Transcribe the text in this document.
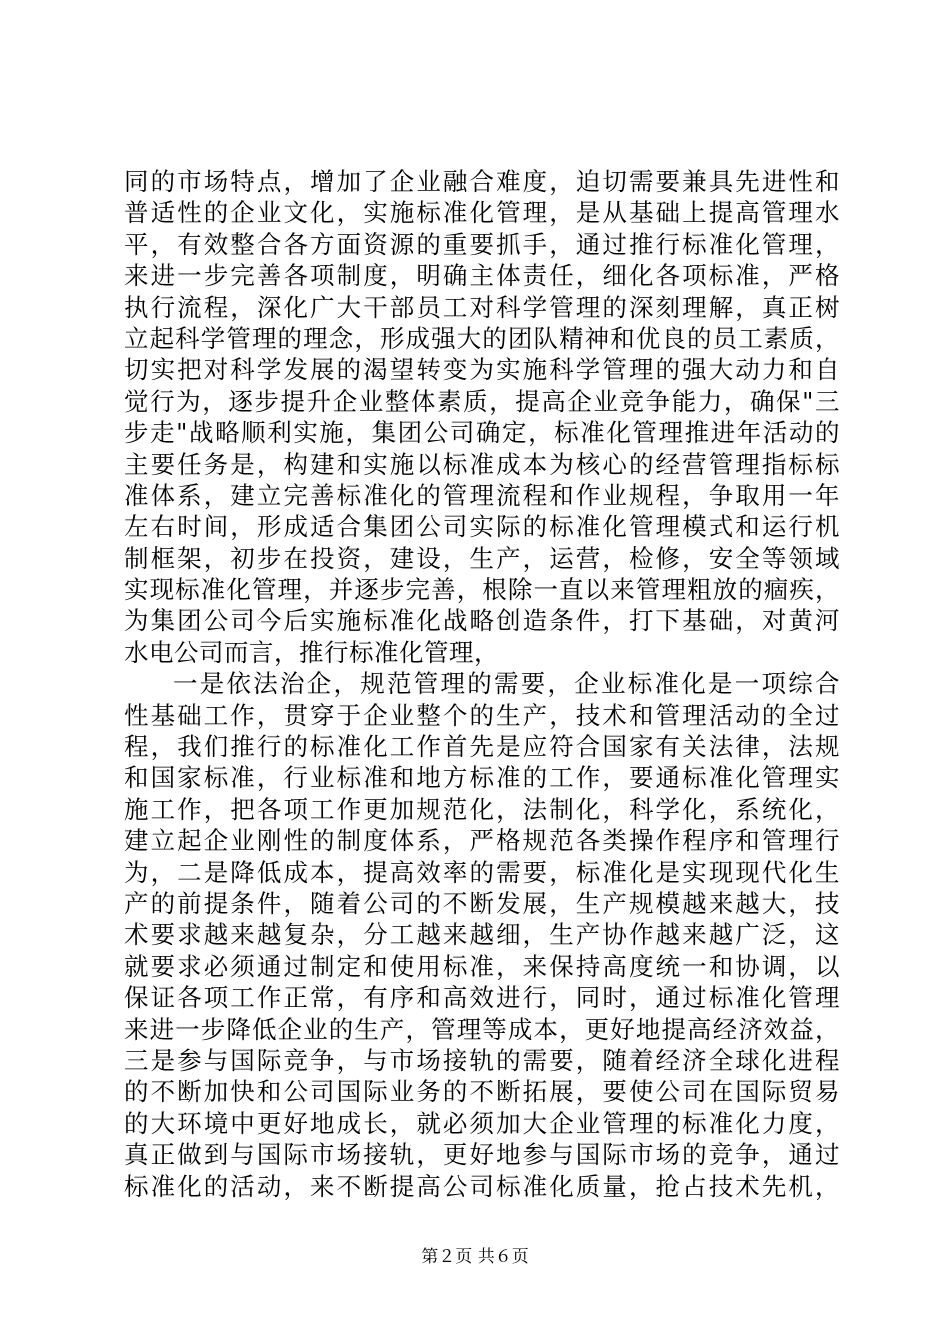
同的市场特点，增加了企业融合难度，迫切需要兼具先进性和
普适性的企业文化，实施标准化管理，是从基础上提高管理水
平，有效整合各方面资源的重要抓手，通过推行标准化管理，
来进一步完善各项制度，明确主体责任，细化各项标准，严格
执行流程，深化广大干部员工对科学管理的深刻理解，真正树
立起科学管理的理念，形成强大的团队精神和优良的员工素质，
切实把对科学发展的渴望转变为实施科学管理的强大动力和自
觉行为，逐步提升企业整体素质，提高企业竞争能力，确保"三
步走"战略顺利实施，集团公司确定，标准化管理推进年活动的
主要任务是，构建和实施以标准成本为核心的经营管理指标标
准体系，建立完善标准化的管理流程和作业规程，争取用一年
左右时间，形成适合集团公司实际的标准化管理模式和运行机
制框架，初步在投资，建设，生产，运营，检修，安全等领域
实现标准化管理，并逐步完善，根除一直以来管理粗放的痼疾，
为集团公司今后实施标准化战略创造条件，打下基础，对黄河
水电公司而言，推行标准化管理，
一是依法治企，规范管理的需要，企业标准化是一项综合
性基础工作，贯穿于企业整个的生产，技术和管理活动的全过
程，我们推行的标准化工作首先是应符合国家有关法律，法规
和国家标准，行业标准和地方标准的工作，要通标准化管理实
施工作，把各项工作更加规范化，法制化，科学化，系统化，
建立起企业刚性的制度体系，严格规范各类操作程序和管理行
为，二是降低成本，提高效率的需要，标准化是实现现代化生
产的前提条件，随着公司的不断发展，生产规模越来越大，技
术要求越来越复杂，分工越来越细，生产协作越来越广泛，这
就要求必须通过制定和使用标准，来保持高度统一和协调，以
保证各项工作正常，有序和高效进行，同时，通过标准化管理
来进一步降低企业的生产，管理等成本，更好地提高经济效益，
三是参与国际竞争，与市场接轨的需要，随着经济全球化进程
的不断加快和公司国际业务的不断拓展，要使公司在国际贸易
的大环境中更好地成长，就必须加大企业管理的标准化力度，
真正做到与国际市场接轨，更好地参与国际市场的竞争，通过
标准化的活动，来不断提高公司标准化质量，抢占技术先机，
第２页 共６页
